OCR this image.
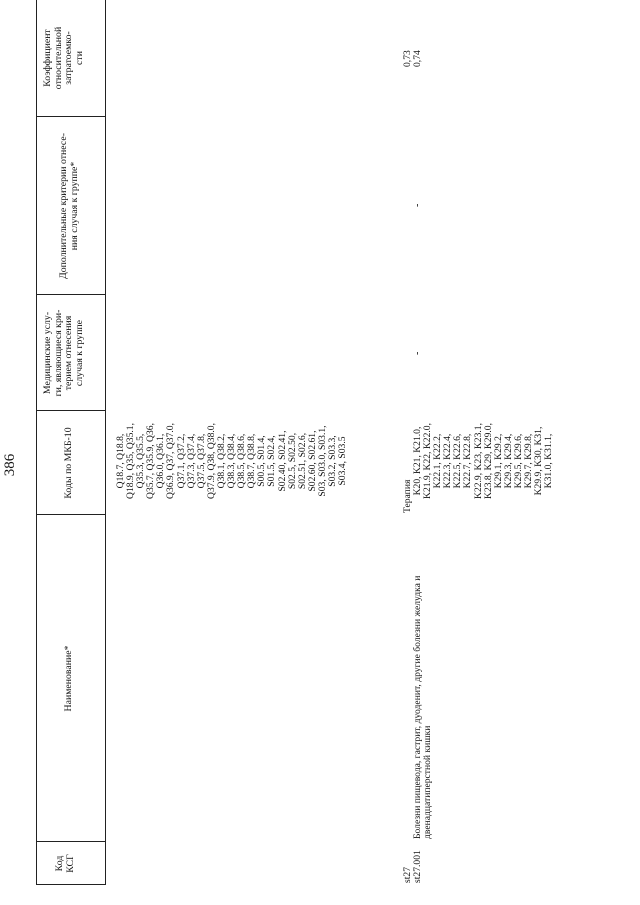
386
Код КСГ
Наименование*
Коды по МКБ-10
Медицинские услу- ги, являющиеся кри- терием отнесения случая к группе
Дополнительные критерии отнесе- ния случая к группе*
Коэффициент относительной затратоемко- сти
Q18.7, Q18.8, Q18.9, Q35, Q35.1, Q35.3, Q35.5, Q35.7, Q35.9, Q36, Q36.0, Q36.1, Q36.9, Q37, Q37.0, Q37.1, Q37.2, Q37.3, Q37.4, Q37.5, Q37.8, Q37.9, Q38, Q38.0, Q38.1, Q38.2, Q38.3, Q38.4, Q38.5, Q38.6, Q38.7, Q38.8, S00.5, S01.4, S01.5, S02.4, S02.40, S02.41, S02.5, S02.50, S02.51, S02.6, S02.60, S02.61, S03, S03.0, S03.1, S03.2, S03.3, S03.4, S03.5
st27
Терапия
st27.001
Болезни пищевода, гастрит, дуоденит, другие болезни желудка и двенадцатиперстной кишки
K20, K21, K21.0, K21.9, K22, K22.0, K22.1, K22.2, K22.3, K22.4, K22.5, K22.6, K22.7, K22.8, K22.9, K23, K23.1, K23.8, K29, K29.0, K29.1, K29.2, K29.3, K29.4, K29.5, K29.6, K29.7, K29.8, K29.9, K30, K31, K31.0, K31.1,
-
-
0,73 0,74
